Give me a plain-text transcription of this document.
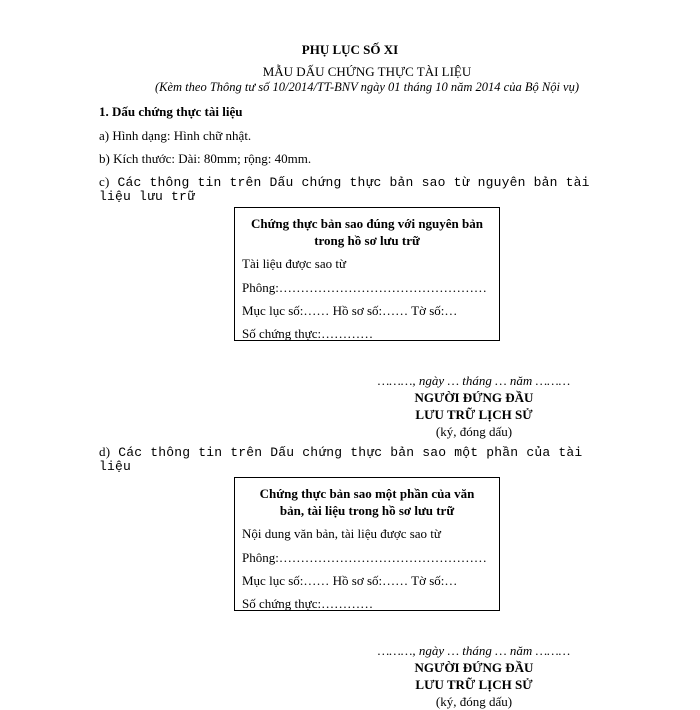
PHỤ LỤC SỐ XI
MẪU DẤU CHỨNG THỰC TÀI LIỆU
(Kèm theo Thông tư số 10/2014/TT-BNV ngày 01 tháng 10 năm 2014 của Bộ Nội vụ)
1. Dấu chứng thực tài liệu
a) Hình dạng: Hình chữ nhật.
b) Kích thước: Dài: 80mm; rộng: 40mm.
c) Các thông tin trên Dấu chứng thực bản sao từ nguyên bản tài
liệu lưu trữ
Chứng thực bản sao đúng với nguyên bản
trong hồ sơ lưu trữ
Tài liệu được sao từ
Phông:…………………………………………
Mục lục số:…… Hồ sơ số:…… Tờ số:…
Số chứng thực:…………
………, ngày … tháng … năm ………
NGƯỜI ĐỨNG ĐẦU
LƯU TRỮ LỊCH SỬ
(ký, đóng dấu)
d) Các thông tin trên Dấu chứng thực bản sao một phần của tài
liệu
Chứng thực bản sao một phần của văn
bản, tài liệu trong hồ sơ lưu trữ
Nội dung văn bản, tài liệu được sao từ
Phông:…………………………………………
Mục lục số:…… Hồ sơ số:…… Tờ số:…
Số chứng thực:…………
………, ngày … tháng … năm ………
NGƯỜI ĐỨNG ĐẦU
LƯU TRỮ LỊCH SỬ
(ký, đóng dấu)
